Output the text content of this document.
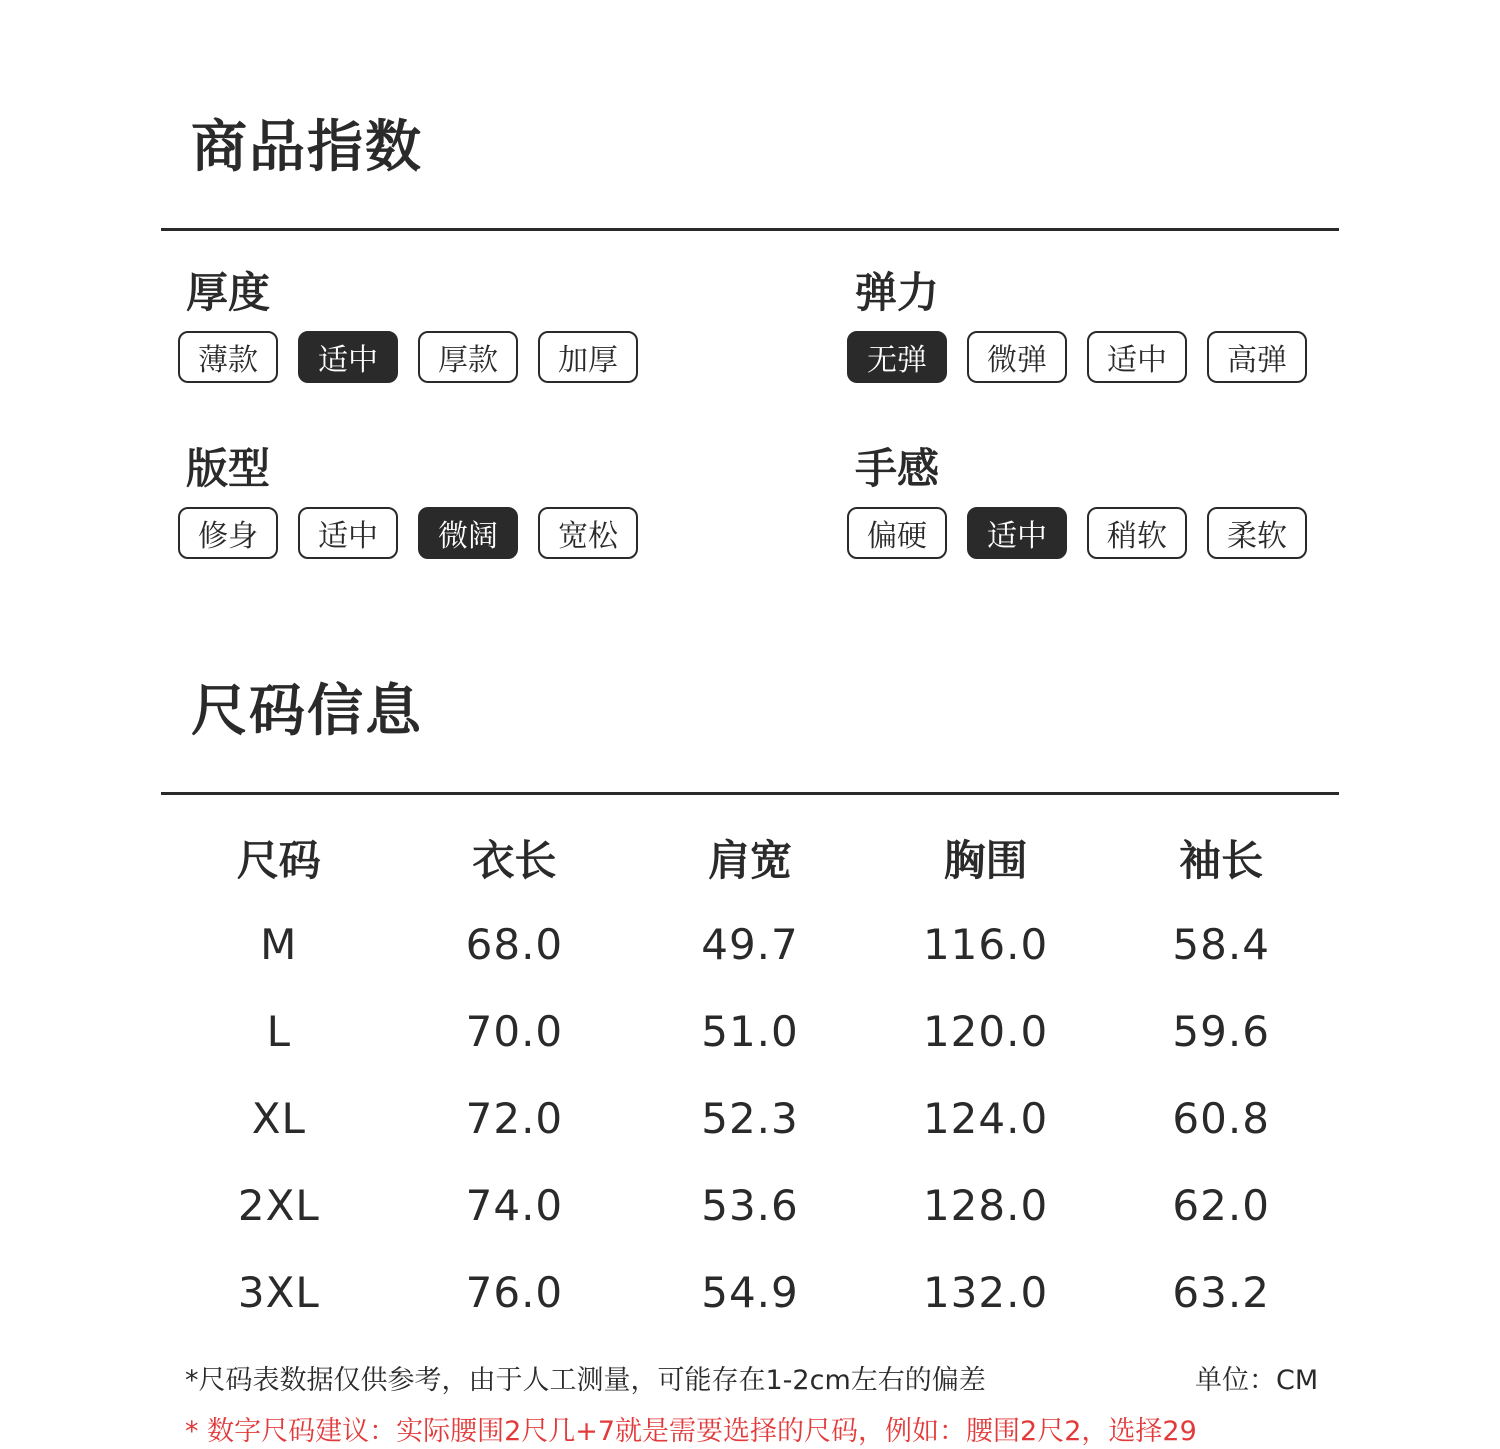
商品指数
厚度
薄款	适中	厚款	加厚
弹力
无弹	微弹	适中	高弹
版型
修身	适中	微阔	宽松
手感
偏硬	适中	稍软	柔软
尺码信息
尺码	衣长	肩宽	胸围	袖长
M	68.0	49.7	116.0	58.4
L	70.0	51.0	120.0	59.6
XL	72.0	52.3	124.0	60.8
2XL	74.0	53.6	128.0	62.0
3XL	76.0	54.9	132.0	63.2
*尺码表数据仅供参考，由于人工测量，可能存在1-2cm左右的偏差	单位：CM
* 数字尺码建议：实际腰围2尺几+7就是需要选择的尺码，例如：腰围2尺2，选择29
